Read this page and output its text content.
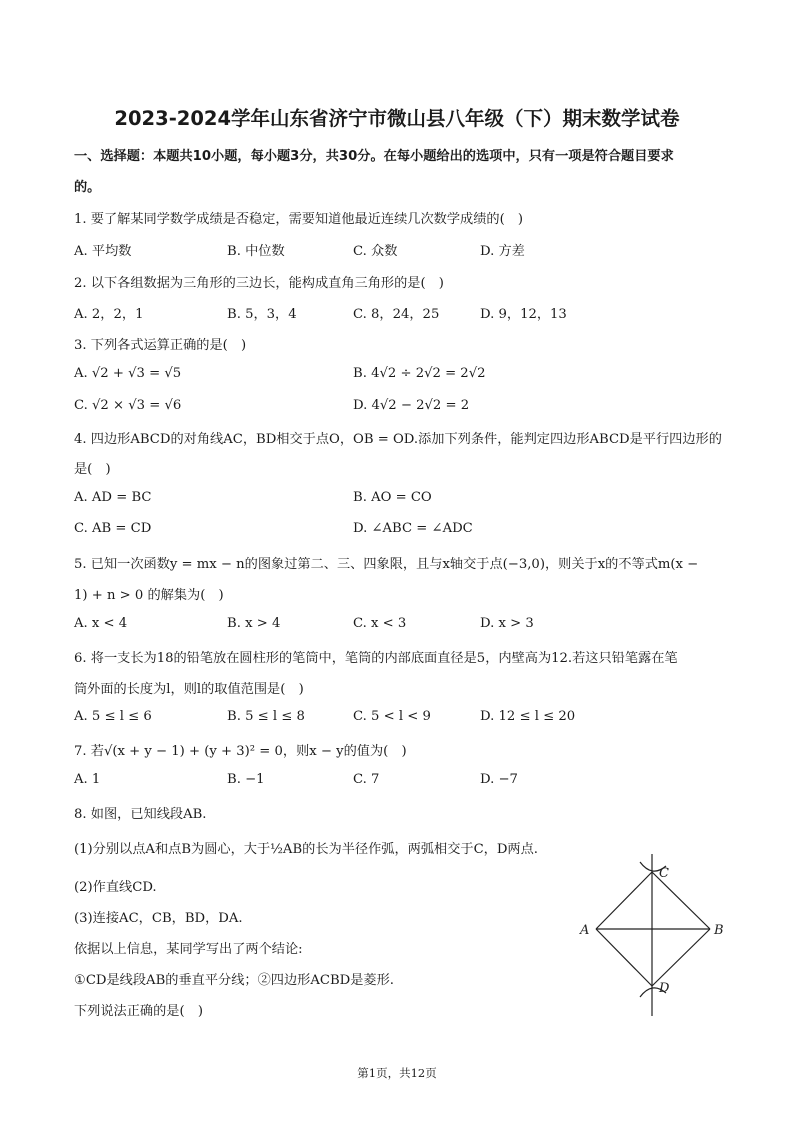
2023-2024学年山东省济宁市微山县八年级（下）期末数学试卷
一、选择题：本题共10小题，每小题3分，共30分。在每小题给出的选项中，只有一项是符合题目要求
的。
1. 要了解某同学数学成绩是否稳定，需要知道他最近连续几次数学成绩的(　)
A. 平均数	B. 中位数	C. 众数	D. 方差
2. 以下各组数据为三角形的三边长，能构成直角三角形的是(　)
A. 2，2，1	B. 5，3，4	C. 8，24，25	D. 9，12，13
3. 下列各式运算正确的是(　)
A. √2 + √3 = √5	B. 4√2 ÷ 2√2 = 2√2
C. √2 × √3 = √6	D. 4√2 − 2√2 = 2
4. 四边形ABCD的对角线AC，BD相交于点O，OB = OD.添加下列条件，能判定四边形ABCD是平行四边形的
是(　)
A. AD = BC	B. AO = CO
C. AB = CD	D. ∠ABC = ∠ADC
5. 已知一次函数y = mx − n的图象过第二、三、四象限，且与x轴交于点(−3,0)，则关于x的不等式m(x −
1) + n > 0 的解集为(　)
A. x < 4	B. x > 4	C. x < 3	D. x > 3
6. 将一支长为18的铅笔放在圆柱形的笔筒中，笔筒的内部底面直径是5，内壁高为12.若这只铅笔露在笔
筒外面的长度为l，则l的取值范围是(　)
A. 5 ≤ l ≤ 6	B. 5 ≤ l ≤ 8	C. 5 < l < 9	D. 12 ≤ l ≤ 20
7. 若√(x + y − 1) + (y + 3)² = 0，则x − y的值为(　)
A. 1	B. −1	C. 7	D. −7
8. 如图，已知线段AB.
(1)分别以点A和点B为圆心，大于½AB的长为半径作弧，两弧相交于C，D两点.
(2)作直线CD.
(3)连接AC，CB，BD，DA.
依据以上信息，某同学写出了两个结论:
①CD是线段AB的垂直平分线；②四边形ACBD是菱形.
下列说法正确的是(　)
C
A	B
D
第1页，共12页
